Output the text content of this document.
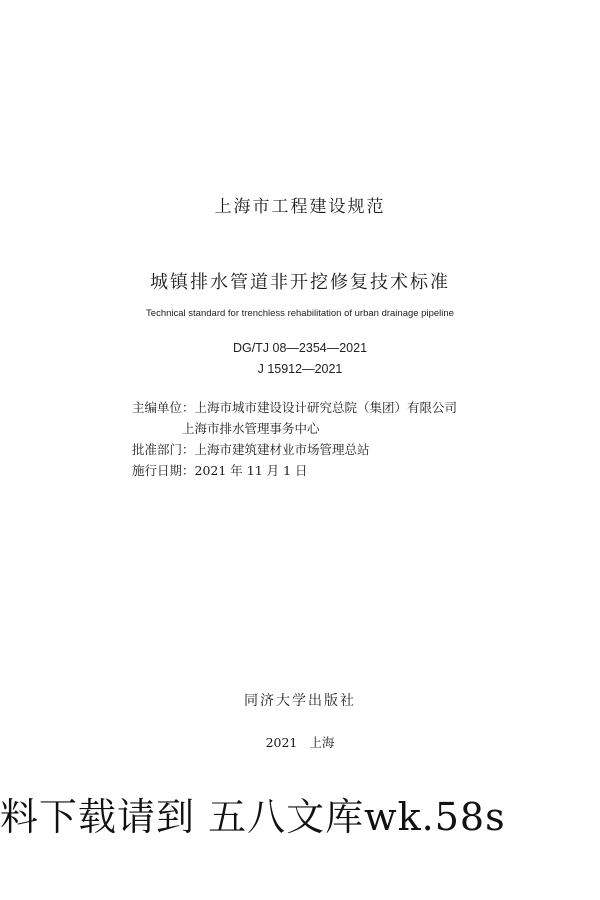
上海市工程建设规范
城镇排水管道非开挖修复技术标准
Technical standard for trenchless rehabilitation of urban drainage pipeline
DG/TJ 08—2354—2021
J 15912—2021
主编单位：上海市城市建设设计研究总院（集团）有限公司
上海市排水管理事务中心
批准部门：上海市建筑建材业市场管理总站
施行日期：2021 年 11 月 1 日
同济大学出版社
2021 上海
料下载请到 五八文库wk.58s
